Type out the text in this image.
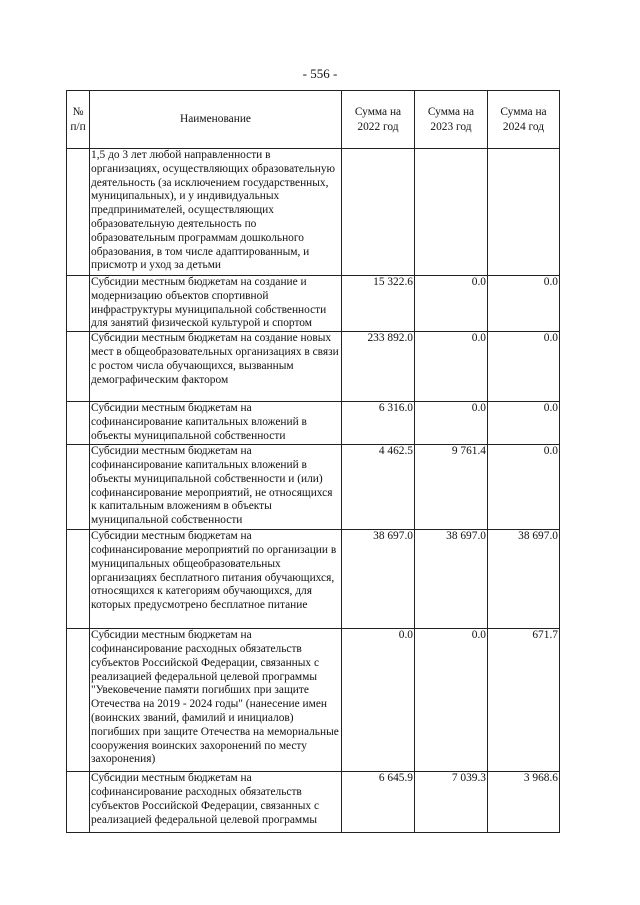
- 556 -
№ п/п	Наименование	Сумма на 2022 год	Сумма на 2023 год	Сумма на 2024 год
	1,5 до 3 лет любой направленности в организациях, осуществляющих образовательную деятельность (за исключением государственных, муниципальных), и у индивидуальных предпринимателей, осуществляющих образовательную деятельность по образовательным программам дошкольного образования, в том числе адаптированным, и присмотр и уход за детьми			
	Субсидии местным бюджетам на создание и модернизацию объектов спортивной инфраструктуры муниципальной собственности для занятий физической культурой и спортом	15 322.6	0.0	0.0
	Субсидии местным бюджетам на создание новых мест в общеобразовательных организациях в связи с ростом числа обучающихся, вызванным демографическим фактором	233 892.0	0.0	0.0
	Субсидии местным бюджетам на софинансирование капитальных вложений в объекты муниципальной собственности	6 316.0	0.0	0.0
	Субсидии местным бюджетам на софинансирование капитальных вложений в объекты муниципальной собственности и (или) софинансирование мероприятий, не относящихся к капитальным вложениям в объекты муниципальной собственности	4 462.5	9 761.4	0.0
	Субсидии местным бюджетам на софинансирование мероприятий по организации в муниципальных общеобразовательных организациях бесплатного питания обучающихся, относящихся к категориям обучающихся, для которых предусмотрено бесплатное питание	38 697.0	38 697.0	38 697.0
	Субсидии местным бюджетам на софинансирование расходных обязательств субъектов Российской Федерации, связанных с реализацией федеральной целевой программы "Увековечение памяти погибших при защите Отечества на 2019 - 2024 годы" (нанесение имен (воинских званий, фамилий и инициалов) погибших при защите Отечества на мемориальные сооружения воинских захоронений по месту захоронения)	0.0	0.0	671.7
	Субсидии местным бюджетам на софинансирование расходных обязательств субъектов Российской Федерации, связанных с реализацией федеральной целевой программы	6 645.9	7 039.3	3 968.6
